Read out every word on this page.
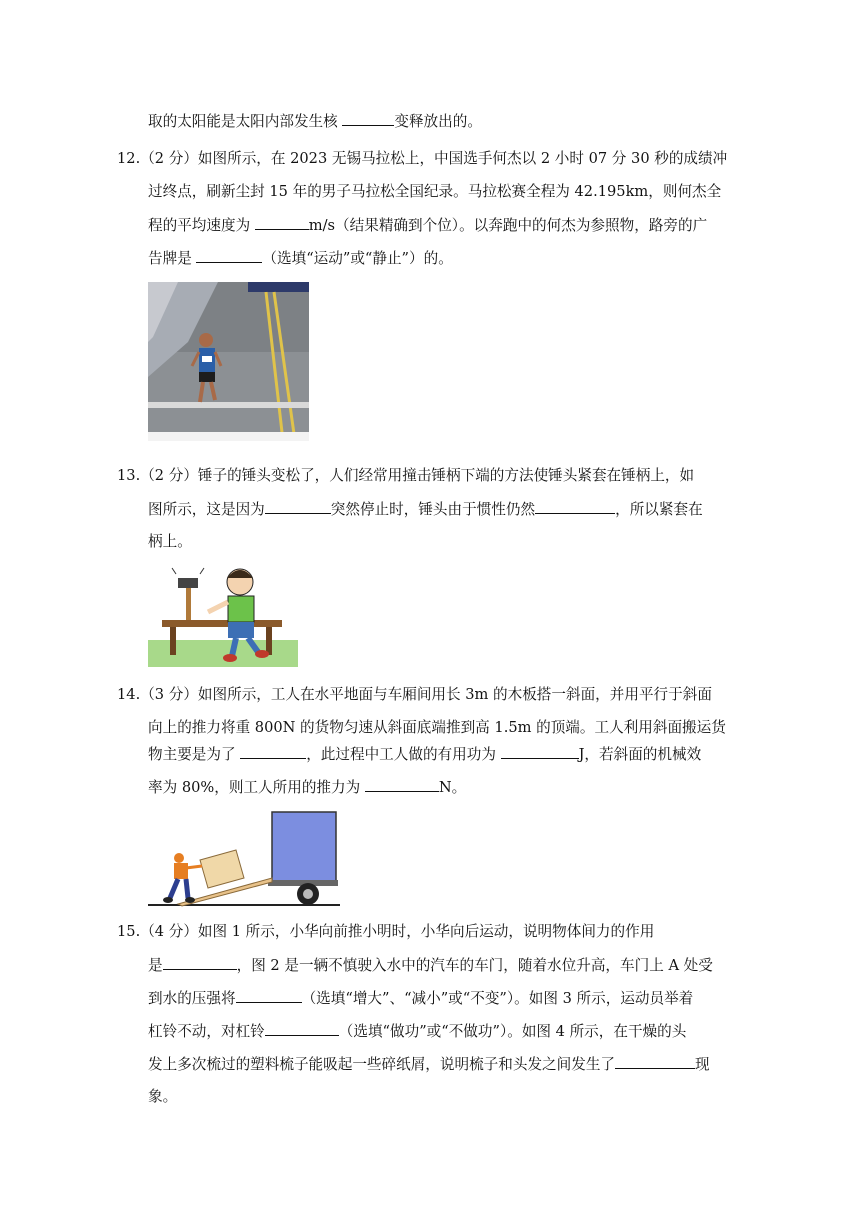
取的太阳能是太阳内部发生核	变释放出的。
12.（2 分）如图所示，在 2023 无锡马拉松上，中国选手何杰以 2 小时 07 分 30 秒的成绩冲
过终点，刷新尘封 15 年的男子马拉松全国纪录。马拉松赛全程为 42.195km，则何杰全
程的平均速度为	m/s（结果精确到个位）。以奔跑中的何杰为参照物，路旁的广
告牌是	（选填“运动”或“静止”）的。
13.（2 分）锤子的锤头变松了，人们经常用撞击锤柄下端的方法使锤头紧套在锤柄上，如
图所示，这是因为	突然停止时，锤头由于惯性仍然	，所以紧套在
柄上。
14.（3 分）如图所示，工人在水平地面与车厢间用长 3m 的木板搭一斜面，并用平行于斜面
向上的推力将重 800N 的货物匀速从斜面底端推到高 1.5m 的顶端。工人利用斜面搬运货
物主要是为了	，此过程中工人做的有用功为	J，若斜面的机械效
率为 80%，则工人所用的推力为	N。
15.（4 分）如图 1 所示，小华向前推小明时，小华向后运动，说明物体间力的作用
是	，图 2 是一辆不慎驶入水中的汽车的车门，随着水位升高，车门上 A 处受
到水的压强将	（选填“增大”、“减小”或“不变”）。如图 3 所示，运动员举着
杠铃不动，对杠铃	（选填“做功”或“不做功”）。如图 4 所示，在干燥的头
发上多次梳过的塑料梳子能吸起一些碎纸屑，说明梳子和头发之间发生了	现
象。
